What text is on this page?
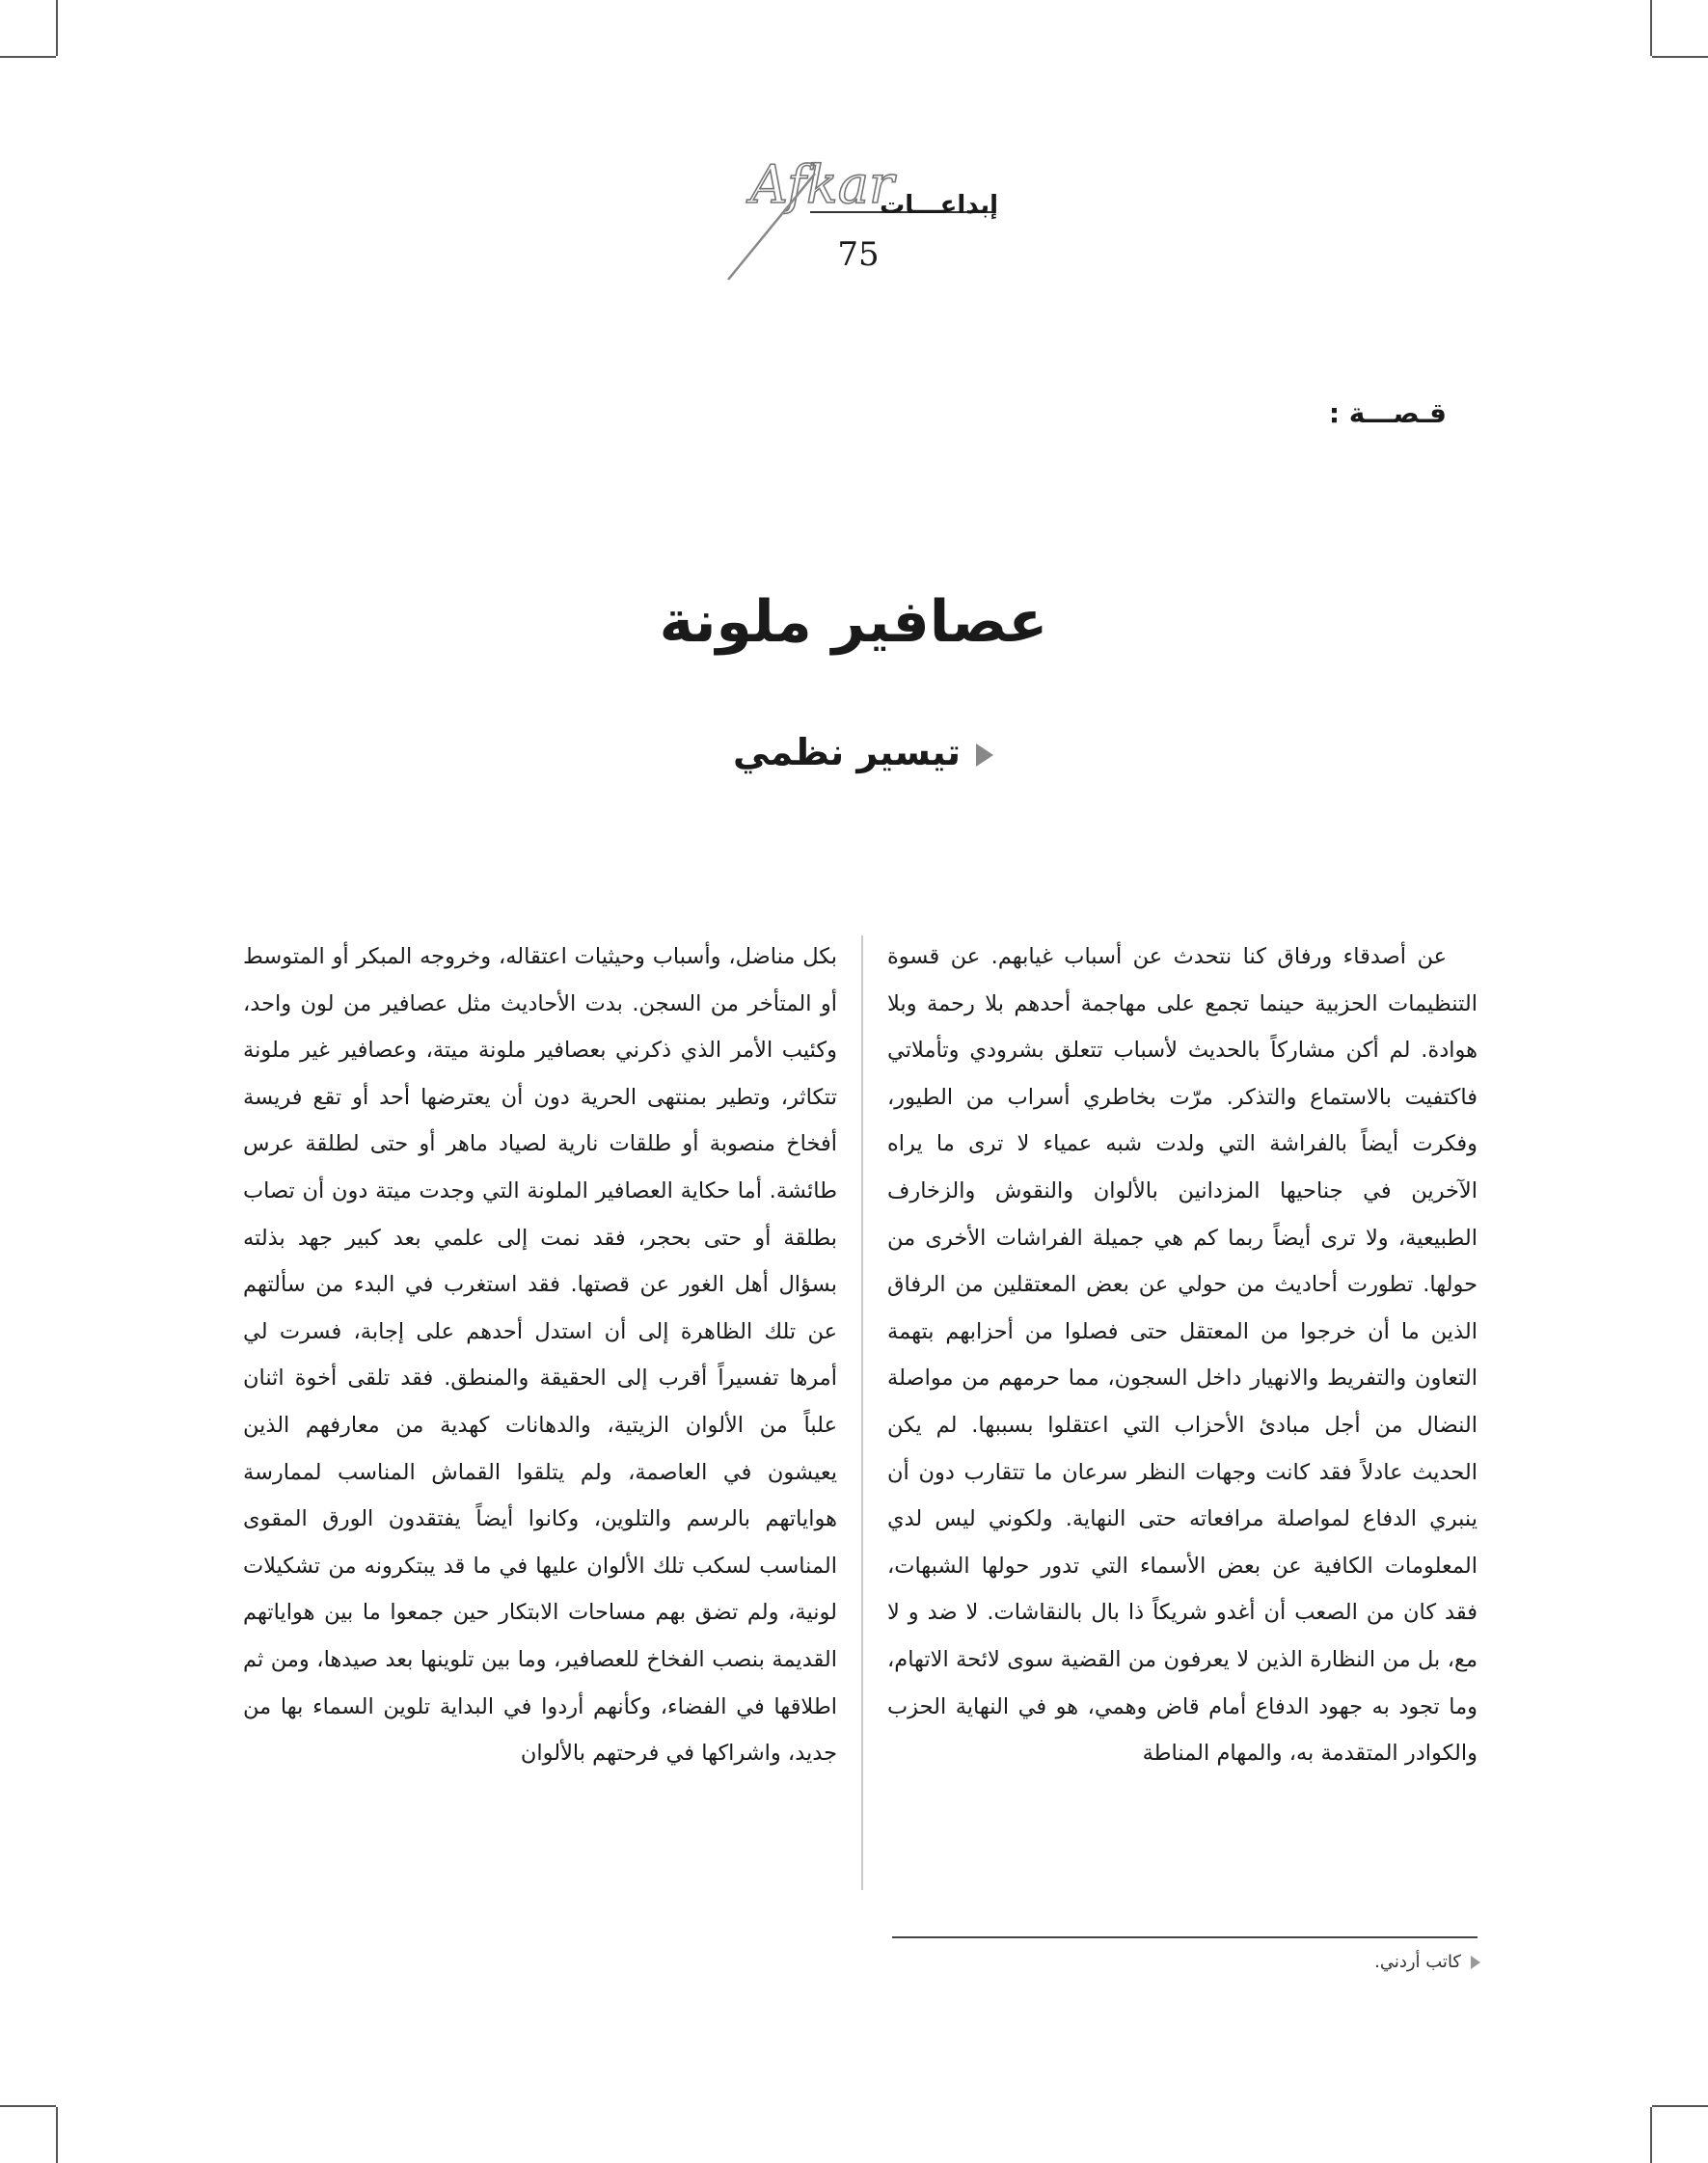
Afkar
إبداعـــات
75
قـصـــة :
عصافير ملونة
تيسير نظمي

عن أصدقاء ورفاق كنا نتحدث عن أسباب غيابهم. عن قسوة التنظيمات الحزبية حينما تجمع على مهاجمة أحدهم بلا رحمة وبلا هوادة. لم أكن مشاركاً بالحديث لأسباب تتعلق بشرودي وتأملاتي فاكتفيت بالاستماع والتذكر. مرّت بخاطري أسراب من الطيور، وفكرت أيضاً بالفراشة التي ولدت شبه عمياء لا ترى ما يراه الآخرين في جناحيها المزدانين بالألوان والنقوش والزخارف الطبيعية، ولا ترى أيضاً ربما كم هي جميلة الفراشات الأخرى من حولها. تطورت أحاديث من حولي عن بعض المعتقلين من الرفاق الذين ما أن خرجوا من المعتقل حتى فصلوا من أحزابهم بتهمة التعاون والتفريط والانهيار داخل السجون، مما حرمهم من مواصلة النضال من أجل مبادئ الأحزاب التي اعتقلوا بسببها. لم يكن الحديث عادلاً فقد كانت وجهات النظر سرعان ما تتقارب دون أن ينبري الدفاع لمواصلة مرافعاته حتى النهاية. ولكوني ليس لدي المعلومات الكافية عن بعض الأسماء التي تدور حولها الشبهات، فقد كان من الصعب أن أغدو شريكاً ذا بال بالنقاشات. لا ضد و لا مع، بل من النظارة الذين لا يعرفون من القضية سوى لائحة الاتهام، وما تجود به جهود الدفاع أمام قاض وهمي، هو في النهاية الحزب والكوادر المتقدمة به، والمهام المناطة

بكل مناضل، وأسباب وحيثيات اعتقاله، وخروجه المبكر أو المتوسط أو المتأخر من السجن. بدت الأحاديث مثل عصافير من لون واحد، وكئيب الأمر الذي ذكرني بعصافير ملونة ميتة، وعصافير غير ملونة تتكاثر، وتطير بمنتهى الحرية دون أن يعترضها أحد أو تقع فريسة أفخاخ منصوبة أو طلقات نارية لصياد ماهر أو حتى لطلقة عرس طائشة. أما حكاية العصافير الملونة التي وجدت ميتة دون أن تصاب بطلقة أو حتى بحجر، فقد نمت إلى علمي بعد كبير جهد بذلته بسؤال أهل الغور عن قصتها. فقد استغرب في البدء من سألتهم عن تلك الظاهرة إلى أن استدل أحدهم على إجابة، فسرت لي أمرها تفسيراً أقرب إلى الحقيقة والمنطق. فقد تلقى أخوة اثنان علباً من الألوان الزيتية، والدهانات كهدية من معارفهم الذين يعيشون في العاصمة، ولم يتلقوا القماش المناسب لممارسة هواياتهم بالرسم والتلوين، وكانوا أيضاً يفتقدون الورق المقوى المناسب لسكب تلك الألوان عليها في ما قد يبتكرونه من تشكيلات لونية، ولم تضق بهم مساحات الابتكار حين جمعوا ما بين هواياتهم القديمة بنصب الفخاخ للعصافير، وما بين تلوينها بعد صيدها، ومن ثم اطلاقها في الفضاء، وكأنهم أردوا في البداية تلوين السماء بها من جديد، واشراكها في فرحتهم بالألوان

كاتب أردني.
